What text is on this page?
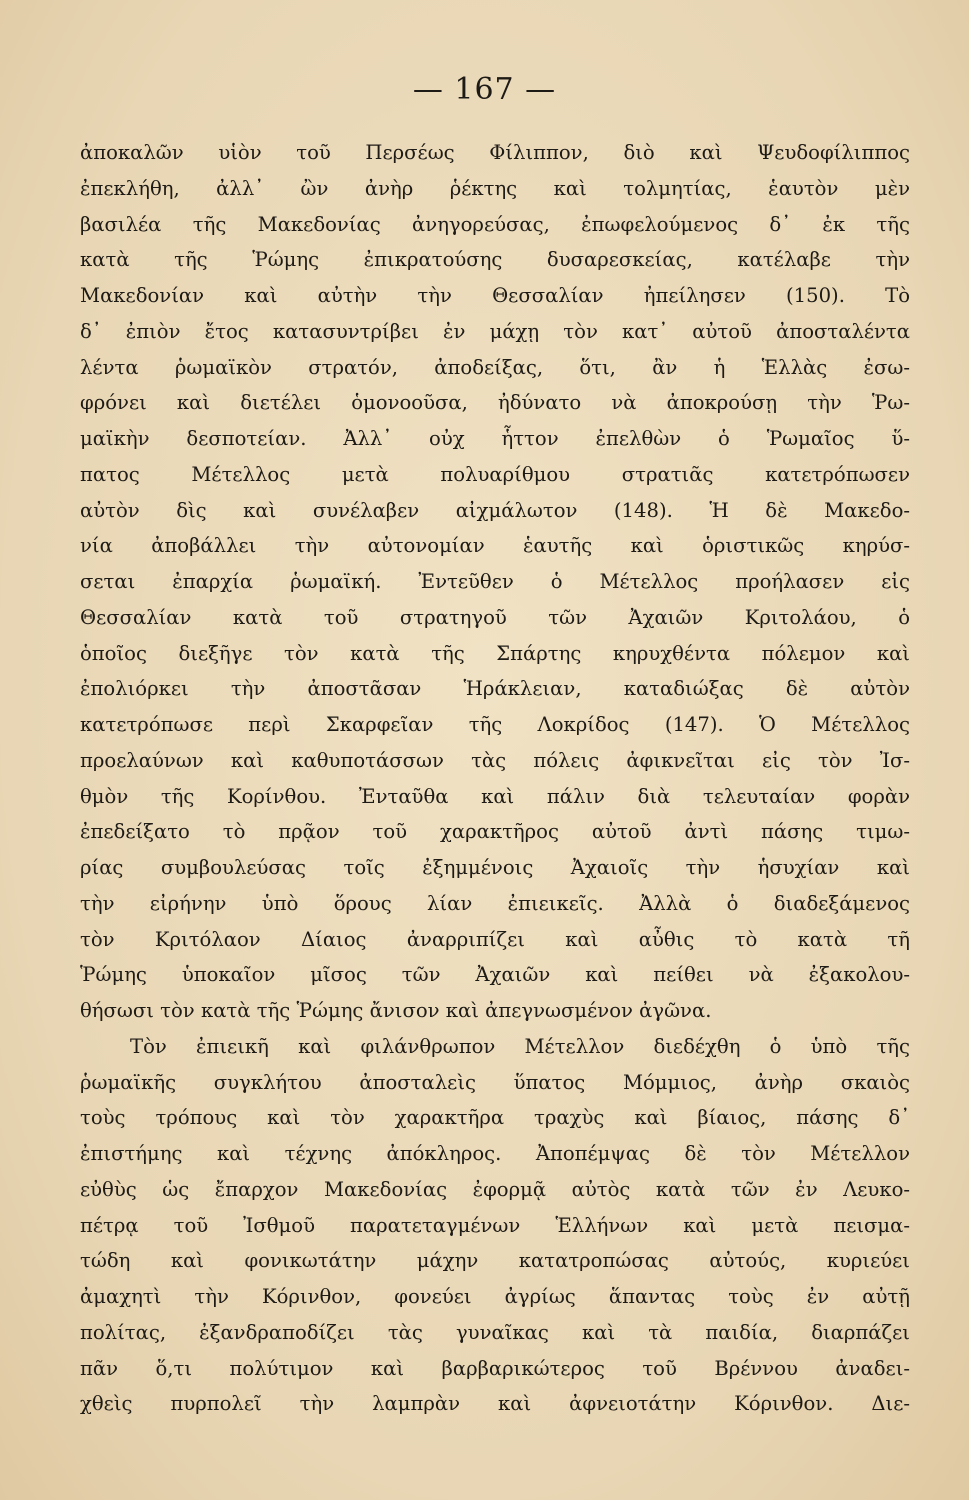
— 167 —
ἀποκαλῶν υἱὸν τοῦ Περσέως Φίλιππον, διὸ καὶ Ψευδοφίλιππος
ἐπεκλήθη, ἀλλ᾽ ὢν ἀνὴρ ῥέκτης καὶ τολμητίας, ἑαυτὸν μὲν
βασιλέα τῆς Μακεδονίας ἀνηγορεύσας, ἐπωφελούμενος δ᾽ ἐκ τῆς
κατὰ τῆς Ῥώμης ἐπικρατούσης δυσαρεσκείας, κατέλαβε τὴν
Μακεδονίαν καὶ αὐτὴν τὴν Θεσσαλίαν ἠπείλησεν (150). Τὸ
δ᾽ ἐπιὸν ἔτος κατασυντρίβει ἐν μάχῃ τὸν κατ᾽ αὐτοῦ ἀποσταλέντα
λέντα ῥωμαϊκὸν στρατόν, ἀποδείξας, ὅτι, ἂν ἡ Ἑλλὰς ἐσω-
φρόνει καὶ διετέλει ὁμονοοῦσα, ἠδύνατο νὰ ἀποκρούσῃ τὴν Ῥω-
μαϊκὴν δεσποτείαν. Ἀλλ᾽ οὐχ ἧττον ἐπελθὼν ὁ Ῥωμαῖος ὕ-
πατος Μέτελλος μετὰ πολυαρίθμου στρατιᾶς κατετρόπωσεν
αὐτὸν δὶς καὶ συνέλαβεν αἰχμάλωτον (148). Ἡ δὲ Μακεδο-
νία ἀποβάλλει τὴν αὐτονομίαν ἑαυτῆς καὶ ὁριστικῶς κηρύσ-
σεται ἐπαρχία ῥωμαϊκή. Ἐντεῦθεν ὁ Μέτελλος προήλασεν εἰς
Θεσσαλίαν κατὰ τοῦ στρατηγοῦ τῶν Ἀχαιῶν Κριτολάου, ὁ
ὁποῖος διεξῆγε τὸν κατὰ τῆς Σπάρτης κηρυχθέντα πόλεμον καὶ
ἐπολιόρκει τὴν ἀποστᾶσαν Ἡράκλειαν, καταδιώξας δὲ αὐτὸν
κατετρόπωσε περὶ Σκαρφεῖαν τῆς Λοκρίδος (147). Ὁ Μέτελλος
προελαύνων καὶ καθυποτάσσων τὰς πόλεις ἀφικνεῖται εἰς τὸν Ἰσ-
θμὸν τῆς Κορίνθου. Ἐνταῦθα καὶ πάλιν διὰ τελευταίαν φορὰν
ἐπεδείξατο τὸ πρᾷον τοῦ χαρακτῆρος αὐτοῦ ἀντὶ πάσης τιμω-
ρίας συμβουλεύσας τοῖς ἐξημμένοις Ἀχαιοῖς τὴν ἡσυχίαν καὶ
τὴν εἰρήνην ὑπὸ ὅρους λίαν ἐπιεικεῖς. Ἀλλὰ ὁ διαδεξάμενος
τὸν Κριτόλαον Δίαιος ἀναρριπίζει καὶ αὖθις τὸ κατὰ τῆ
Ῥώμης ὑποκαῖον μῖσος τῶν Ἀχαιῶν καὶ πείθει νὰ ἐξακολου-
θήσωσι τὸν κατὰ τῆς Ῥώμης ἄνισον καὶ ἀπεγνωσμένον ἀγῶνα.
Τὸν ἐπιεικῆ καὶ φιλάνθρωπον Μέτελλον διεδέχθη ὁ ὑπὸ τῆς
ῥωμαϊκῆς συγκλήτου ἀποσταλεὶς ὕπατος Μόμμιος, ἀνὴρ σκαιὸς
τοὺς τρόπους καὶ τὸν χαρακτῆρα τραχὺς καὶ βίαιος, πάσης δ᾽
ἐπιστήμης καὶ τέχνης ἀπόκληρος. Ἀποπέμψας δὲ τὸν Μέτελλον
εὐθὺς ὡς ἔπαρχον Μακεδονίας ἐφορμᾷ αὐτὸς κατὰ τῶν ἐν Λευκο-
πέτρᾳ τοῦ Ἰσθμοῦ παρατεταγμένων Ἑλλήνων καὶ μετὰ πεισμα-
τώδη καὶ φονικωτάτην μάχην κατατροπώσας αὐτούς, κυριεύει
ἀμαχητὶ τὴν Κόρινθον, φονεύει ἀγρίως ἅπαντας τοὺς ἐν αὐτῇ
πολίτας, ἐξανδραποδίζει τὰς γυναῖκας καὶ τὰ παιδία, διαρπάζει
πᾶν ὅ,τι πολύτιμον καὶ βαρβαρικώτερος τοῦ Βρέννου ἀναδει-
χθεὶς πυρπολεῖ τὴν λαμπρὰν καὶ ἀφνειοτάτην Κόρινθον. Διε-
